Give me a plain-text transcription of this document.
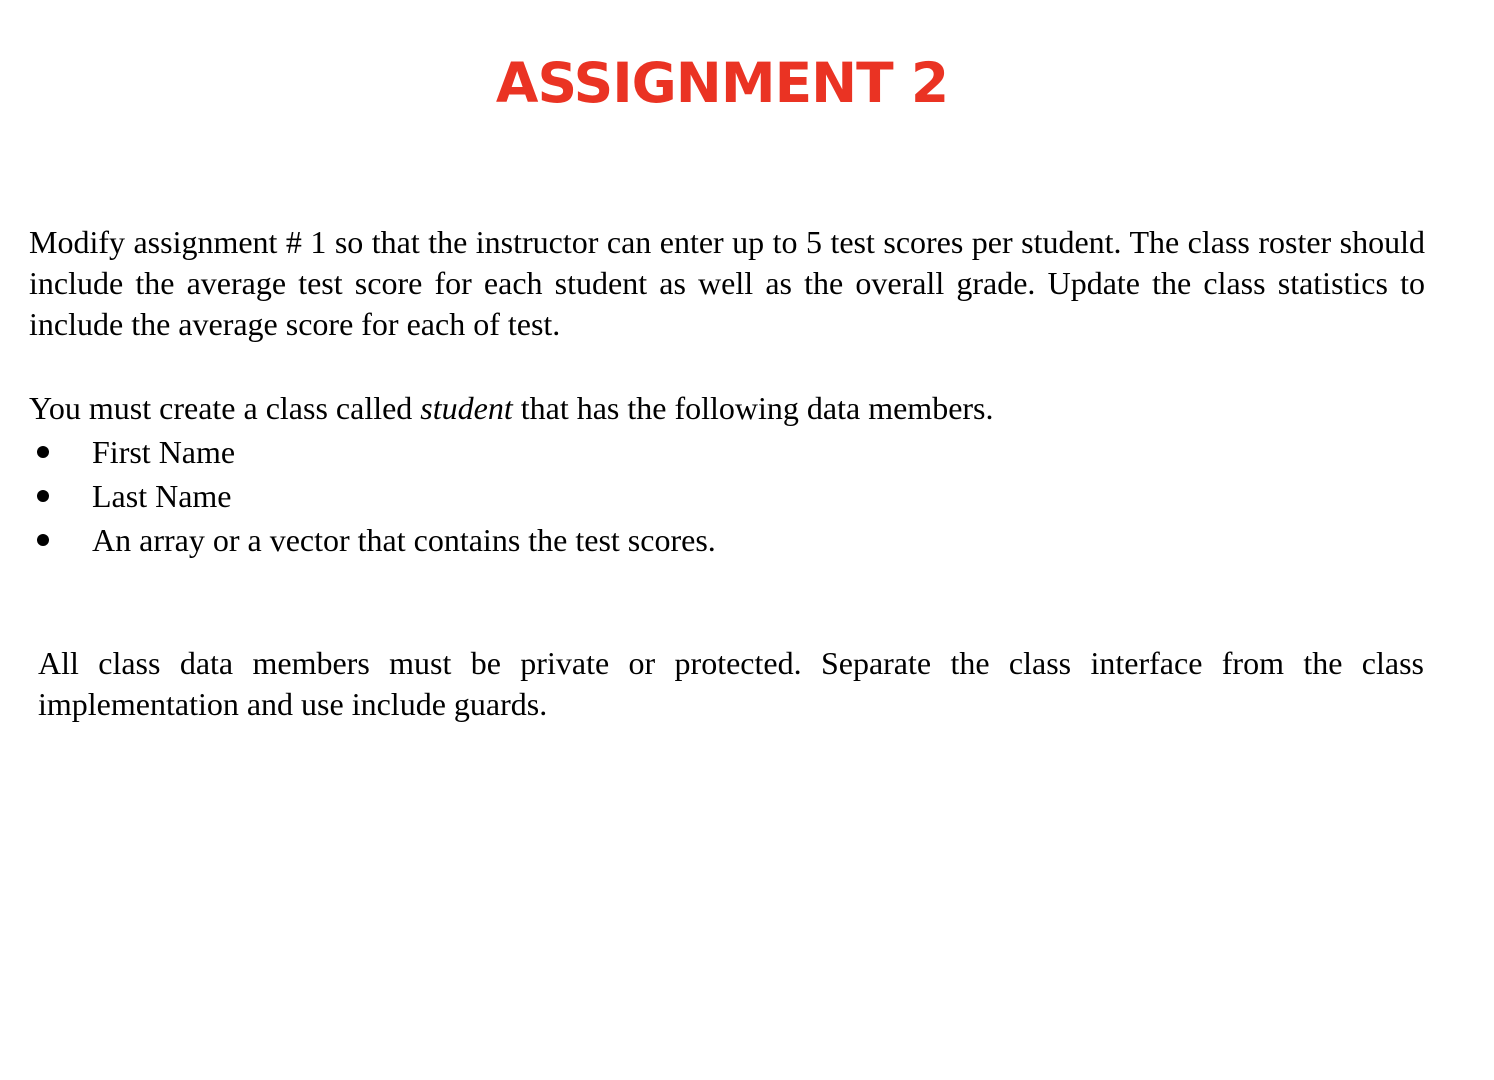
ASSIGNMENT 2

Modify assignment # 1 so that the instructor can enter up to 5 test scores per student. The class roster should include the average test score for each student as well as the overall grade. Update the class statistics to include the average score for each of test.

You must create a class called student that has the following data members.

First Name
Last Name
An array or a vector that contains the test scores.

All class data members must be private or protected. Separate the class interface from the class implementation and use include guards.
